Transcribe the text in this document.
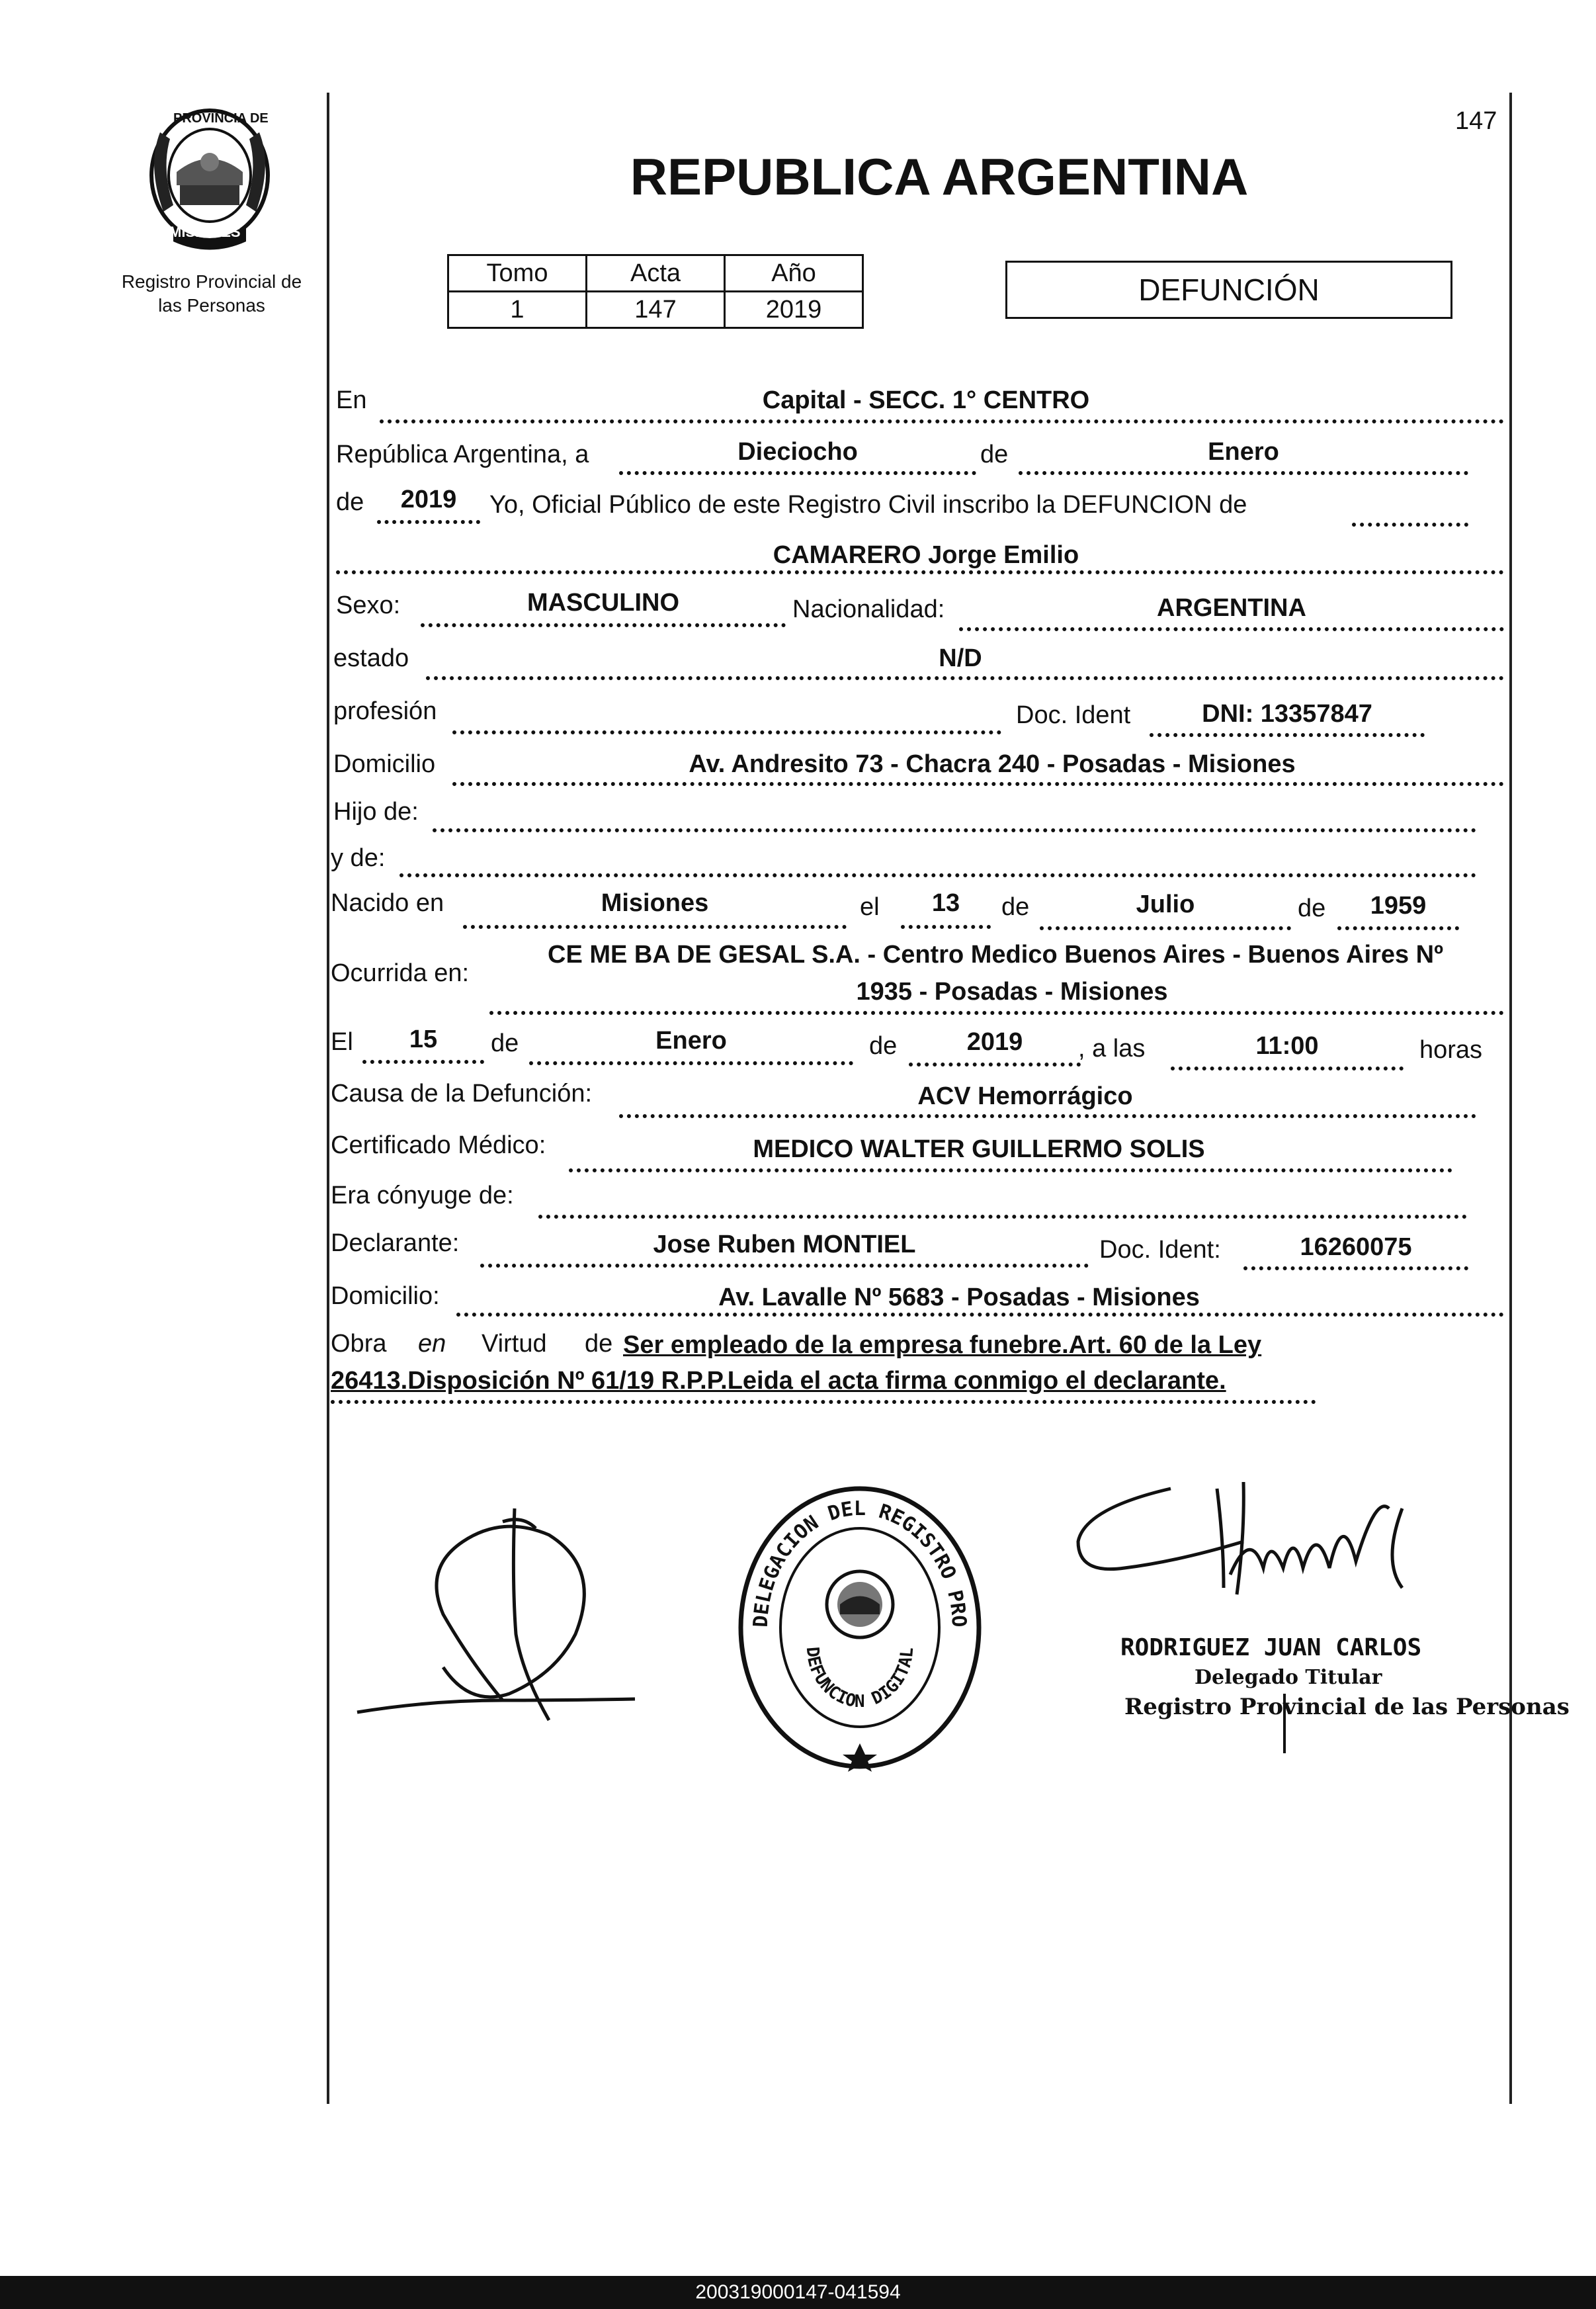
PROVINCIA DE
MISIONES
Registro Provincial de
las Personas
147
REPUBLICA ARGENTINA
Tomo	Acta	Año
1	147	2019
DEFUNCIÓN
En	Capital - SECC. 1° CENTRO
República Argentina, a	Dieciocho	de	Enero
de	2019	Yo, Oficial Público de este Registro Civil inscribo la DEFUNCION de
CAMARERO Jorge Emilio
Sexo:	MASCULINO	Nacionalidad:	ARGENTINA
estado	N/D
profesión	Doc. Ident	DNI: 13357847
Domicilio	Av. Andresito 73 - Chacra 240 - Posadas - Misiones
Hijo de:
y de:
Nacido en	Misiones	el	13	de	Julio	de	1959
CE ME BA DE GESAL S.A. - Centro Medico Buenos Aires - Buenos Aires Nº
Ocurrida en:
1935 - Posadas - Misiones
El	15	de	Enero	de	2019	, a las	11:00	horas
Causa de la Defunción:	ACV Hemorrágico
Certificado Médico:	MEDICO WALTER GUILLERMO SOLIS
Era cónyuge de:
Declarante:	Jose Ruben MONTIEL	Doc. Ident:	16260075
Domicilio:	Av. Lavalle Nº 5683 - Posadas - Misiones
Obra en Virtud de Ser empleado de la empresa funebre.Art. 60 de la Ley
26413.Disposición Nº 61/19 R.P.P.Leida el acta firma conmigo el declarante.
DELEGACION DEL REGISTRO PRO
DEFUNCION DIGITAL	RODRIGUEZ JUAN CARLOS
Delegado Titular
Registro Provincial de las Personas
200319000147-041594
